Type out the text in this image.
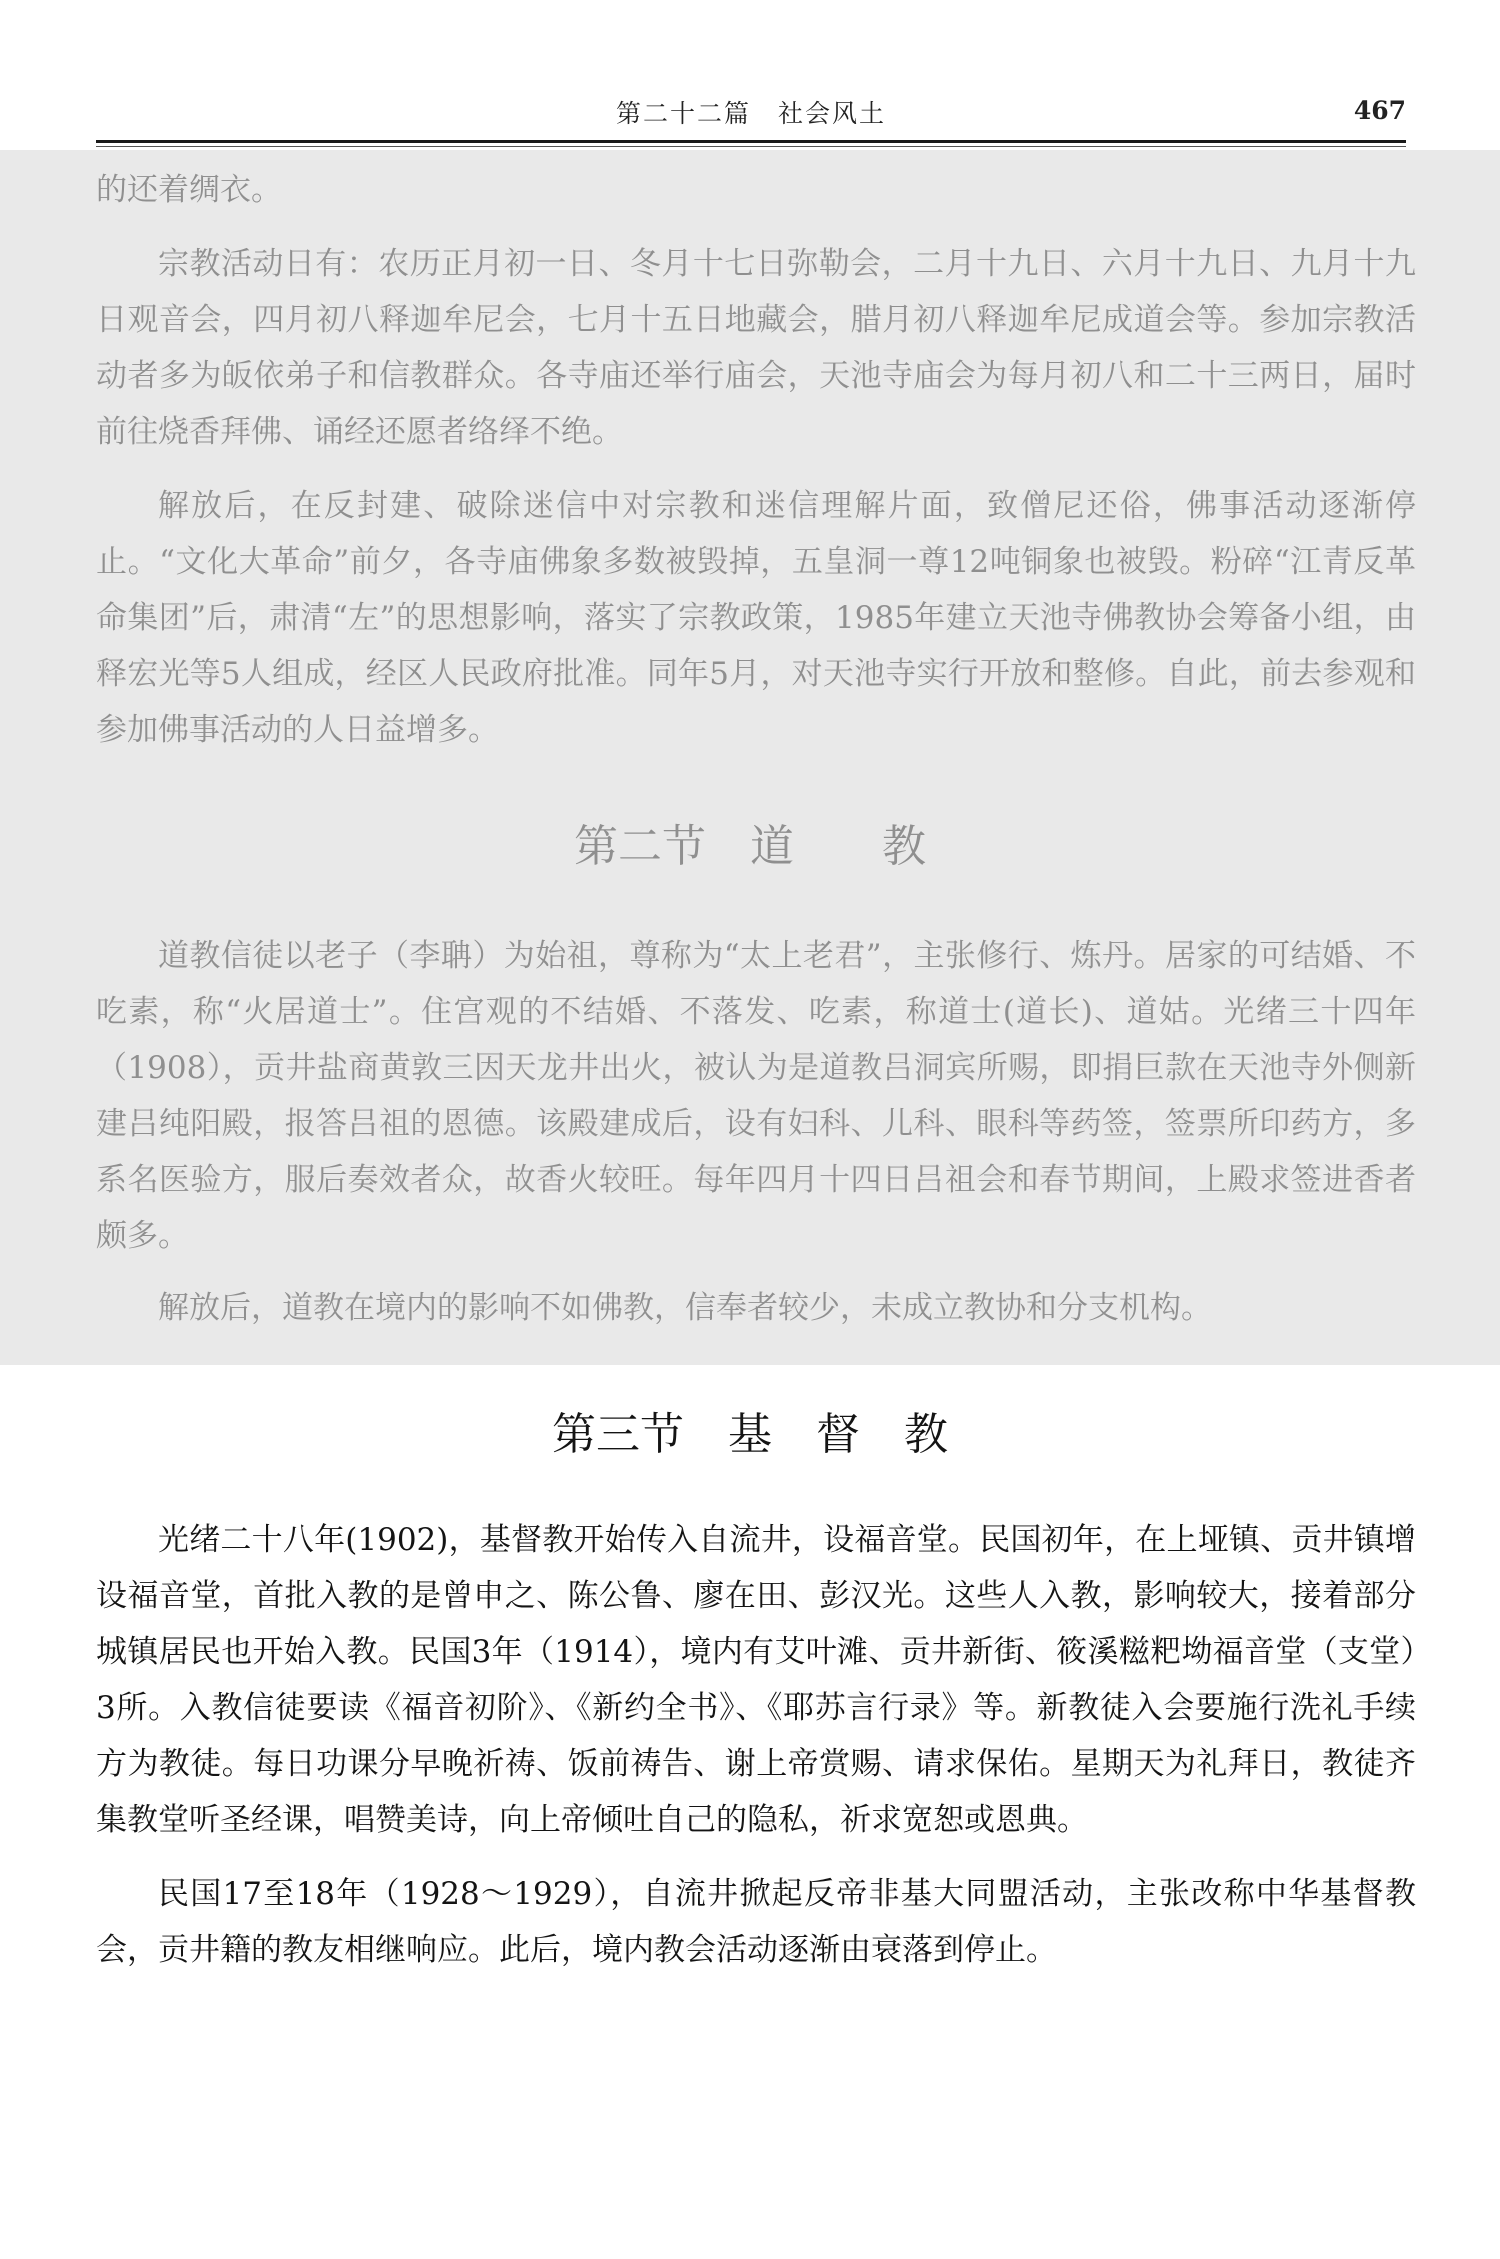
第二十二篇　社会风土	467

的还着绸衣。

宗教活动日有：农历正月初一日、冬月十七日弥勒会，二月十九日、六月十九日、九月十九日观音会，四月初八释迦牟尼会，七月十五日地藏会，腊月初八释迦牟尼成道会等。参加宗教活动者多为皈依弟子和信教群众。各寺庙还举行庙会，天池寺庙会为每月初八和二十三两日，届时前往烧香拜佛、诵经还愿者络绎不绝。

解放后，在反封建、破除迷信中对宗教和迷信理解片面，致僧尼还俗，佛事活动逐渐停止。“文化大革命”前夕，各寺庙佛象多数被毁掉，五皇洞一尊12吨铜象也被毁。粉碎“江青反革命集团”后，肃清“左”的思想影响，落实了宗教政策，1985年建立天池寺佛教协会筹备小组，由释宏光等5人组成，经区人民政府批准。同年5月，对天池寺实行开放和整修。自此，前去参观和参加佛事活动的人日益增多。

第二节　道　　教

道教信徒以老子（李聃）为始祖，尊称为“太上老君”，主张修行、炼丹。居家的可结婚、不吃素，称“火居道士”。住宫观的不结婚、不落发、吃素，称道士(道长)、道姑。光绪三十四年（1908），贡井盐商黄敦三因天龙井出火，被认为是道教吕洞宾所赐，即捐巨款在天池寺外侧新建吕纯阳殿，报答吕祖的恩德。该殿建成后，设有妇科、儿科、眼科等药签，签票所印药方，多系名医验方，服后奏效者众，故香火较旺。每年四月十四日吕祖会和春节期间，上殿求签进香者颇多。

解放后，道教在境内的影响不如佛教，信奉者较少，未成立教协和分支机构。

第三节　基　督　教

光绪二十八年(1902)，基督教开始传入自流井，设福音堂。民国初年，在上垭镇、贡井镇增设福音堂，首批入教的是曾申之、陈公鲁、廖在田、彭汉光。这些人入教，影响较大，接着部分城镇居民也开始入教。民国3年（1914），境内有艾叶滩、贡井新街、筱溪糍粑坳福音堂（支堂）3所。入教信徒要读《福音初阶》、《新约全书》、《耶苏言行录》等。新教徒入会要施行洗礼手续方为教徒。每日功课分早晚祈祷、饭前祷告、谢上帝赏赐、请求保佑。星期天为礼拜日，教徒齐集教堂听圣经课，唱赞美诗，向上帝倾吐自己的隐私，祈求宽恕或恩典。

民国17至18年（1928～1929），自流井掀起反帝非基大同盟活动，主张改称中华基督教会，贡井籍的教友相继响应。此后，境内教会活动逐渐由衰落到停止。
